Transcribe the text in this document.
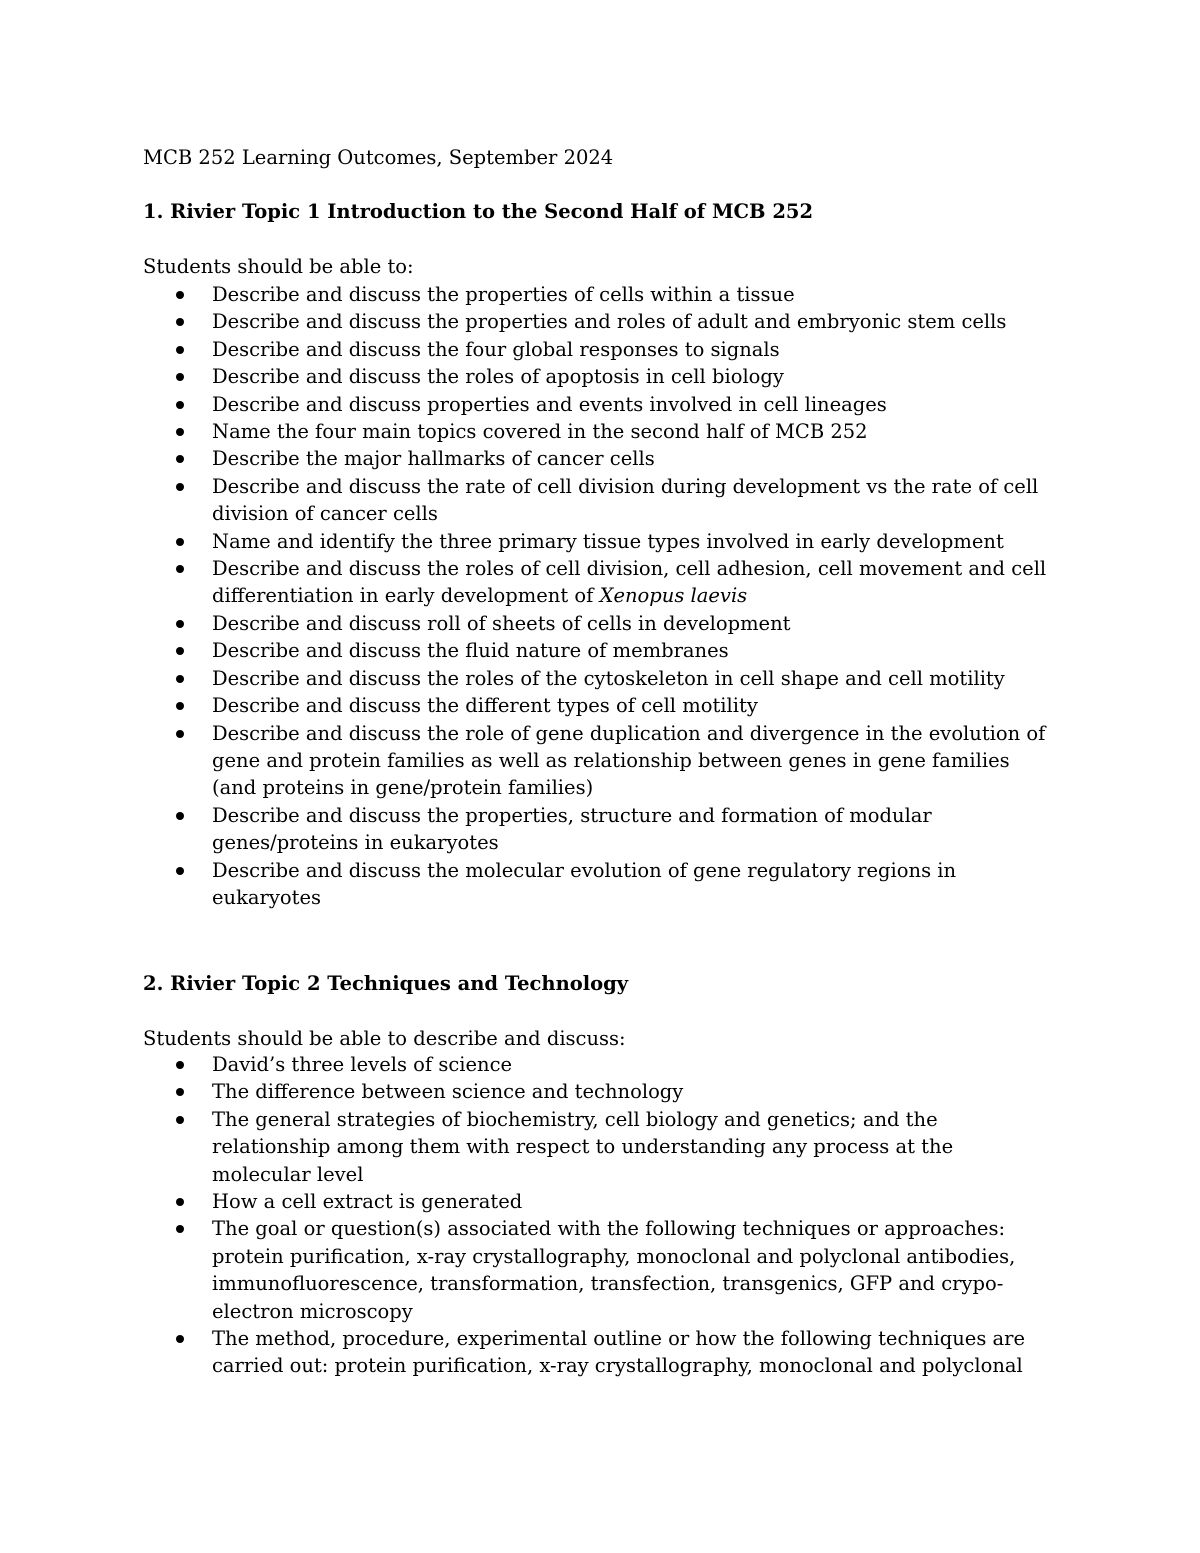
MCB 252 Learning Outcomes, September 2024
1. Rivier Topic 1 Introduction to the Second Half of MCB 252
Students should be able to:
Describe and discuss the properties of cells within a tissue
Describe and discuss the properties and roles of adult and embryonic stem cells
Describe and discuss the four global responses to signals
Describe and discuss the roles of apoptosis in cell biology
Describe and discuss properties and events involved in cell lineages
Name the four main topics covered in the second half of MCB 252
Describe the major hallmarks of cancer cells
Describe and discuss the rate of cell division during development vs the rate of cell division of cancer cells
Name and identify the three primary tissue types involved in early development
Describe and discuss the roles of cell division, cell adhesion, cell movement and cell differentiation in early development of Xenopus laevis
Describe and discuss roll of sheets of cells in development
Describe and discuss the fluid nature of membranes
Describe and discuss the roles of the cytoskeleton in cell shape and cell motility
Describe and discuss the different types of cell motility
Describe and discuss the role of gene duplication and divergence in the evolution of gene and protein families as well as relationship between genes in gene families (and proteins in gene/protein families)
Describe and discuss the properties, structure and formation of modular genes/proteins in eukaryotes
Describe and discuss the molecular evolution of gene regulatory regions in eukaryotes
2. Rivier Topic 2 Techniques and Technology
Students should be able to describe and discuss:
David’s three levels of science
The difference between science and technology
The general strategies of biochemistry, cell biology and genetics; and the relationship among them with respect to understanding any process at the molecular level
How a cell extract is generated
The goal or question(s) associated with the following techniques or approaches: protein purification, x-ray crystallography, monoclonal and polyclonal antibodies, immunofluorescence, transformation, transfection, transgenics, GFP and crypo-electron microscopy
The method, procedure, experimental outline or how the following techniques are carried out: protein purification, x-ray crystallography, monoclonal and polyclonal
